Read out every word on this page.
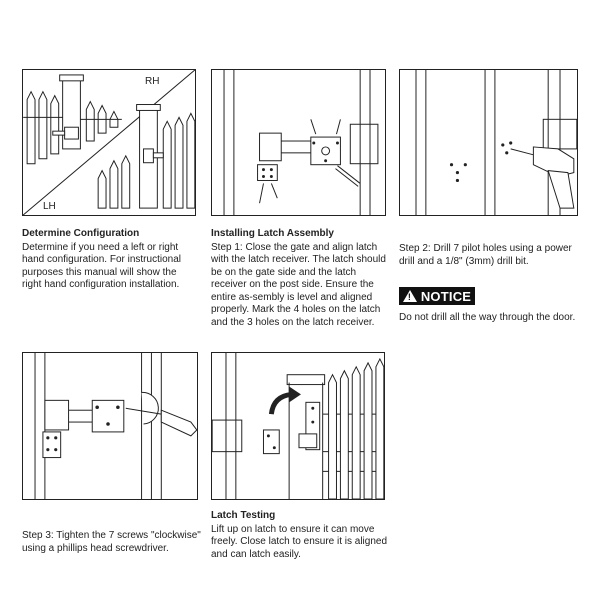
RH
LH
Determine Configuration
Determine if you need a left or right hand configuration. For instructional purposes this manual will show the right hand configuration installation.
Installing Latch Assembly
Step 1: Close the gate and align latch with the latch receiver. The latch should be on the gate side and the latch receiver on the post side. Ensure the entire as-sembly is level and aligned properly. Mark the 4 holes on the latch and the 3 holes on the latch receiver.
Step 2: Drill 7 pilot holes using a power drill and a 1/8" (3mm) drill bit.
! NOTICE
Do not drill all the way through the door.
Step 3: Tighten the 7 screws "clockwise" using a phillips head screwdriver.
Latch Testing
Lift up on latch to ensure it can move freely. Close latch to ensure it is aligned and can latch easily.
